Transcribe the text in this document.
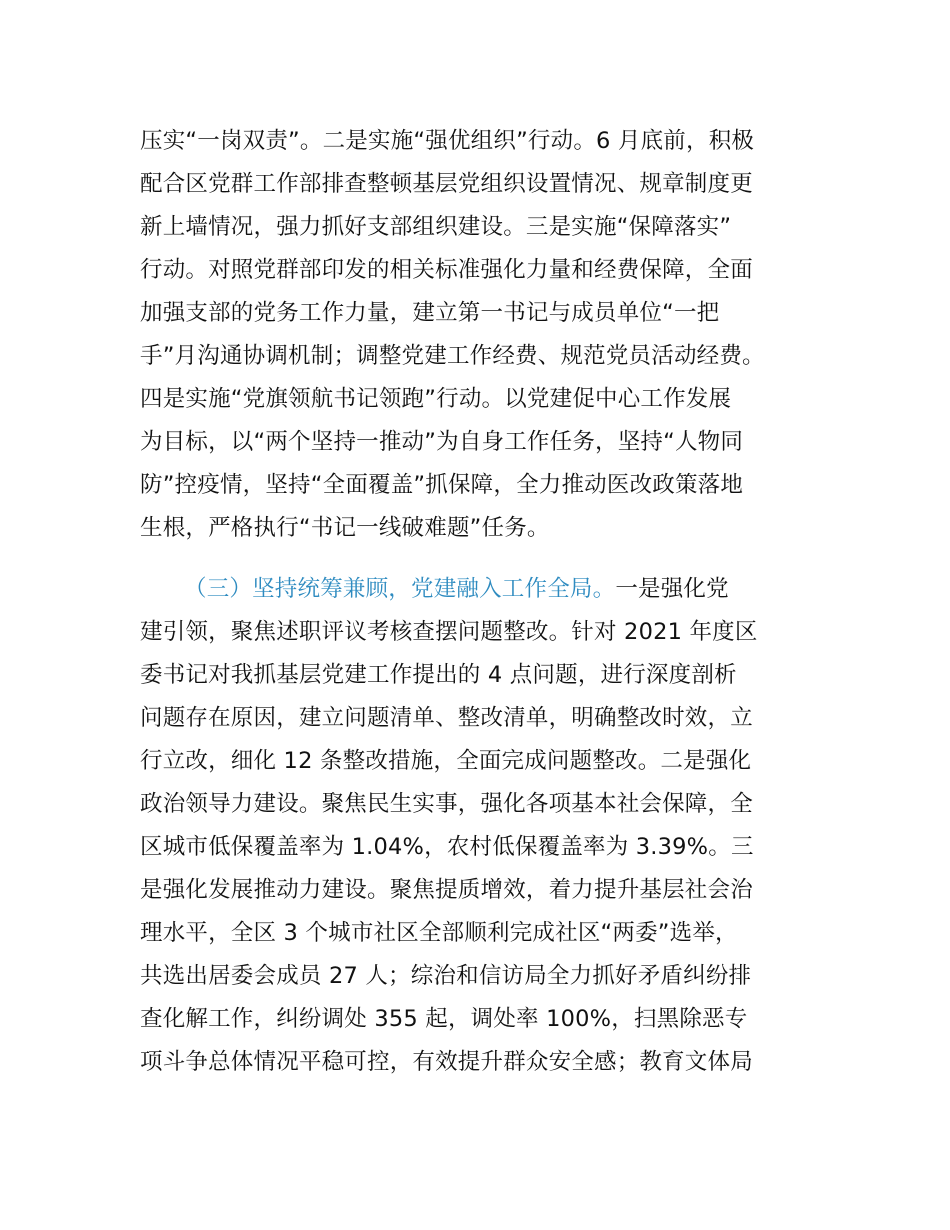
压实“一岗双责”。二是实施“强优组织”行动。6 月底前，积极
配合区党群工作部排查整顿基层党组织设置情况、规章制度更
新上墙情况，强力抓好支部组织建设。三是实施“保障落实”
行动。对照党群部印发的相关标准强化力量和经费保障，全面
加强支部的党务工作力量，建立第一书记与成员单位“一把
手”月沟通协调机制；调整党建工作经费、规范党员活动经费。
四是实施“党旗领航书记领跑”行动。以党建促中心工作发展
为目标，以“两个坚持一推动”为自身工作任务，坚持“人物同
防”控疫情，坚持“全面覆盖”抓保障，全力推动医改政策落地
生根，严格执行“书记一线破难题”任务。
（三）坚持统筹兼顾，党建融入工作全局。一是强化党
建引领，聚焦述职评议考核查摆问题整改。针对 2021 年度区
委书记对我抓基层党建工作提出的 4 点问题，进行深度剖析
问题存在原因，建立问题清单、整改清单，明确整改时效，立
行立改，细化 12 条整改措施，全面完成问题整改。二是强化
政治领导力建设。聚焦民生实事，强化各项基本社会保障，全
区城市低保覆盖率为 1.04%，农村低保覆盖率为 3.39%。三
是强化发展推动力建设。聚焦提质增效，着力提升基层社会治
理水平，全区 3 个城市社区全部顺利完成社区“两委”选举，
共选出居委会成员 27 人；综治和信访局全力抓好矛盾纠纷排
查化解工作，纠纷调处 355 起，调处率 100%，扫黑除恶专
项斗争总体情况平稳可控，有效提升群众安全感；教育文体局
